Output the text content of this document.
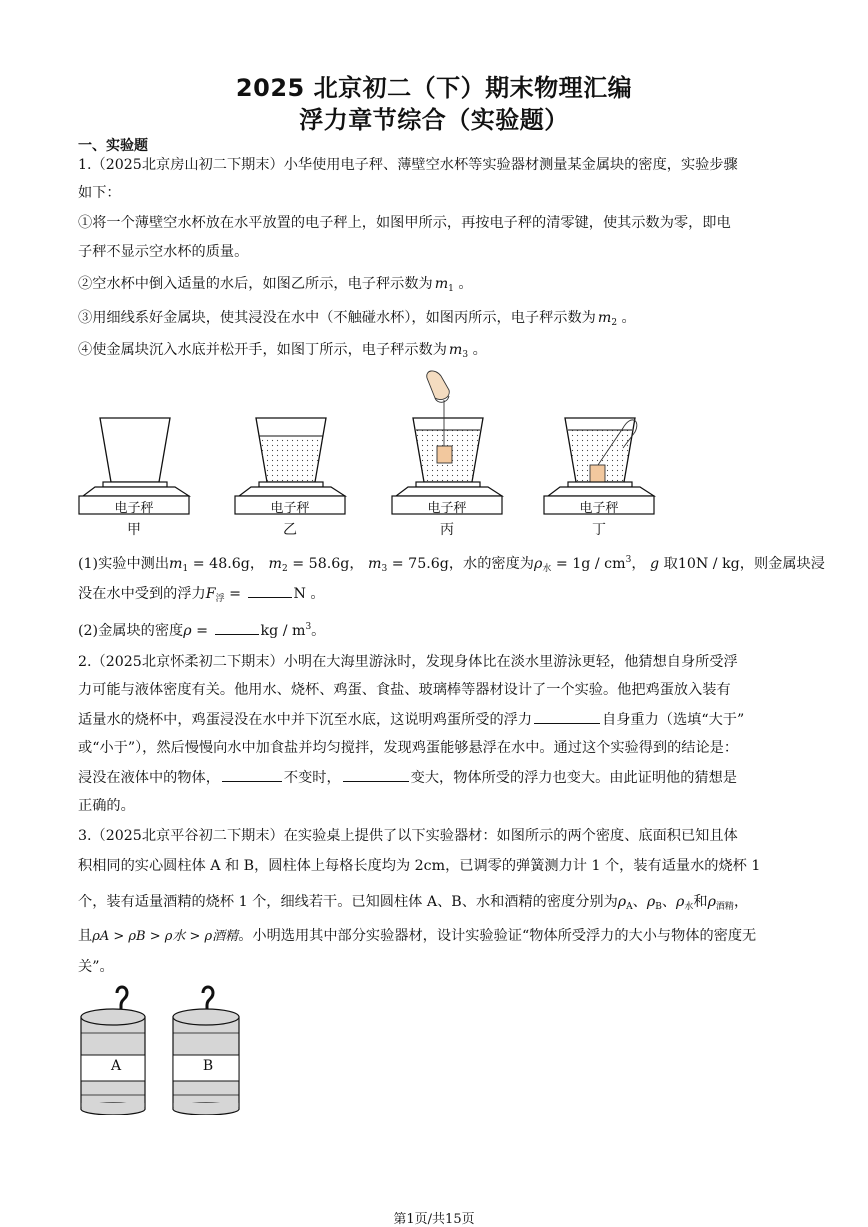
2025 北京初二（下）期末物理汇编
浮力章节综合（实验题）
一、实验题
1.（2025北京房山初二下期末）小华使用电子秤、薄壁空水杯等实验器材测量某金属块的密度，实验步骤
如下：
①将一个薄壁空水杯放在水平放置的电子秤上，如图甲所示，再按电子秤的清零键，使其示数为零，即电
子秤不显示空水杯的质量。
②空水杯中倒入适量的水后，如图乙所示，电子秤示数为 $m_1$ 。
③用细线系好金属块，使其浸没在水中（不触碰水杯），如图丙所示，电子秤示数为 $m_2$ 。
④使金属块沉入水底并松开手，如图丁所示，电子秤示数为 $m_3$ 。
电子秤	电子秤	电子秤	电子秤
甲	乙	丙	丁
(1)实验中测出$m_1 = 48.6g$， $m_2 = 58.6g$， $m_3 = 75.6g$，水的密度为$\rho_水 = 1g / cm^3$， g 取10N / kg，则金属块浸
没在水中受到的浮力$F_浮$ =	N 。
(2)金属块的密度ρ =	kg / $m^3$。
2.（2025北京怀柔初二下期末）小明在大海里游泳时，发现身体比在淡水里游泳更轻，他猜想自身所受浮
力可能与液体密度有关。他用水、烧杯、鸡蛋、食盐、玻璃棒等器材设计了一个实验。他把鸡蛋放入装有
适量水的烧杯中，鸡蛋浸没在水中并下沉至水底，这说明鸡蛋所受的浮力	自身重力（选填“大于”
或“小于”），然后慢慢向水中加食盐并均匀搅拌，发现鸡蛋能够悬浮在水中。通过这个实验得到的结论是：
浸没在液体中的物体，	不变时，	变大，物体所受的浮力也变大。由此证明他的猜想是
正确的。
3.（2025北京平谷初二下期末）在实验桌上提供了以下实验器材：如图所示的两个密度、底面积已知且体
积相同的实心圆柱体 A 和 B，圆柱体上每格长度均为 2cm，已调零的弹簧测力计 1 个，装有适量水的烧杯 1
个，装有适量酒精的烧杯 1 个，细线若干。已知圆柱体 A、B、水和酒精的密度分别为$\rho_A$、$\rho_B$、$\rho_水$和$\rho_{酒精}$，
且ρA > ρB > ρ水 > ρ酒精。小明选用其中部分实验器材，设计实验验证“物体所受浮力的大小与物体的密度无
关”。
A	B
第1页/共15页
